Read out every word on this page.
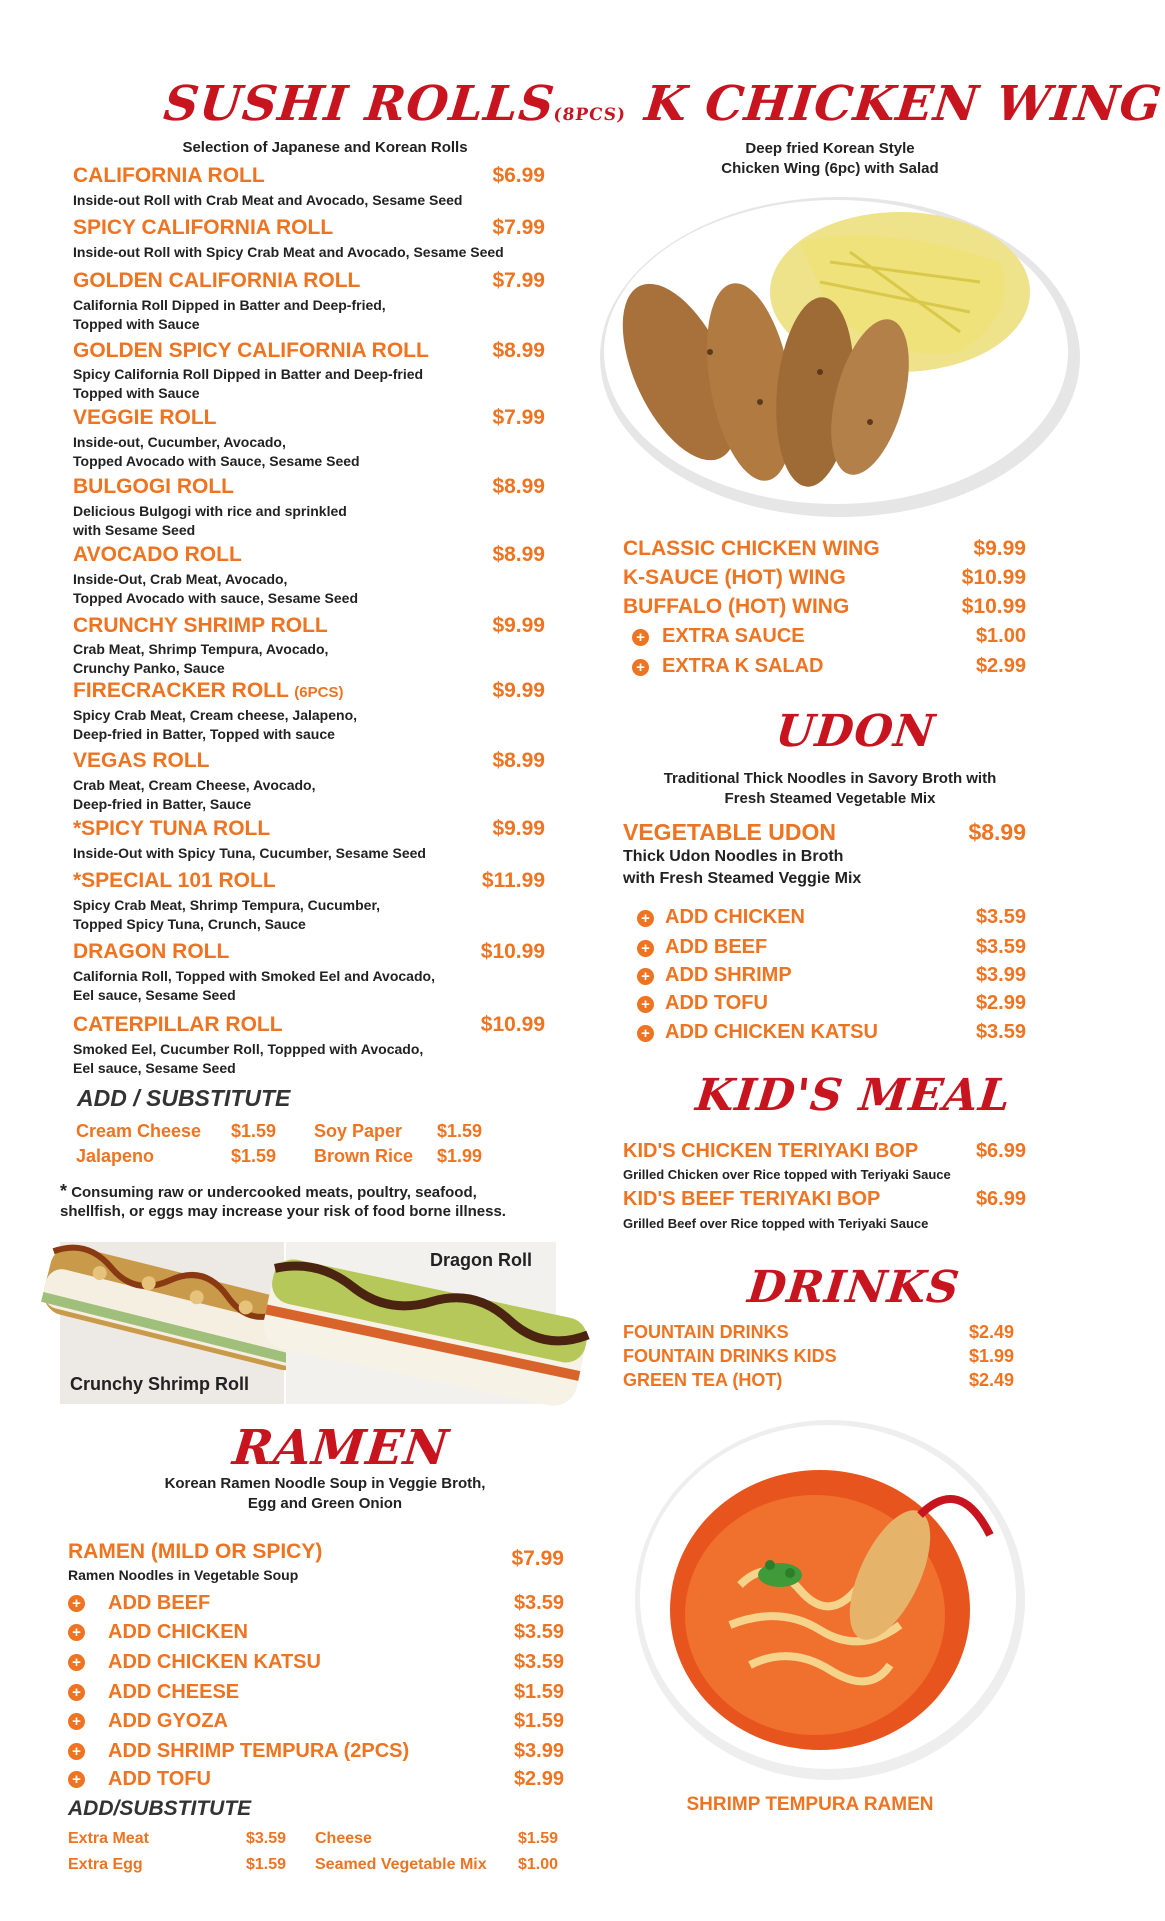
SUSHI ROLLS(8PCS)
Selection of Japanese and Korean Rolls
CALIFORNIA ROLL	$6.99
Inside-out Roll with Crab Meat and Avocado, Sesame Seed
SPICY CALIFORNIA ROLL	$7.99
Inside-out Roll with Spicy Crab Meat and Avocado, Sesame Seed
GOLDEN CALIFORNIA ROLL	$7.99
California Roll Dipped in Batter and Deep-fried,
Topped with Sauce
GOLDEN SPICY CALIFORNIA ROLL	$8.99
Spicy California Roll Dipped in Batter and Deep-fried
Topped with Sauce
VEGGIE ROLL	$7.99
Inside-out, Cucumber, Avocado,
Topped Avocado with Sauce, Sesame Seed
BULGOGI ROLL	$8.99
Delicious Bulgogi with rice and sprinkled
with Sesame Seed
AVOCADO ROLL	$8.99
Inside-Out, Crab Meat, Avocado,
Topped Avocado with sauce, Sesame Seed
CRUNCHY SHRIMP ROLL	$9.99
Crab Meat, Shrimp Tempura, Avocado,
Crunchy Panko, Sauce
FIRECRACKER ROLL (6PCS)	$9.99
Spicy Crab Meat, Cream cheese, Jalapeno,
Deep-fried in Batter, Topped with sauce
VEGAS ROLL	$8.99
Crab Meat, Cream Cheese, Avocado,
Deep-fried in Batter, Sauce
*SPICY TUNA ROLL	$9.99
Inside-Out with Spicy Tuna, Cucumber, Sesame Seed
*SPECIAL 101 ROLL	$11.99
Spicy Crab Meat, Shrimp Tempura, Cucumber,
Topped Spicy Tuna, Crunch, Sauce
DRAGON ROLL	$10.99
California Roll, Topped with Smoked Eel and Avocado,
Eel sauce, Sesame Seed
CATERPILLAR ROLL	$10.99
Smoked Eel, Cucumber Roll, Toppped with Avocado,
Eel sauce, Sesame Seed
ADD / SUBSTITUTE
Cream Cheese $1.59 Soy Paper $1.59
Jalapeno	$1.59 Brown Rice $1.99
* Consuming raw or undercooked meats, poultry, seafood,
shellfish, or eggs may increase your risk of food borne illness.
Crunchy Shrimp Roll
Dragon Roll
RAMEN
Korean Ramen Noodle Soup in Veggie Broth,
Egg and Green Onion
RAMEN (MILD OR SPICY)	$7.99
Ramen Noodles in Vegetable Soup
+ ADD BEEF	$3.59
+ ADD CHICKEN	$3.59
+ ADD CHICKEN KATSU	$3.59
+ ADD CHEESE	$1.59
+ ADD GYOZA	$1.59
+ ADD SHRIMP TEMPURA (2PCS)	$3.99
+ ADD TOFU	$2.99
ADD/SUBSTITUTE
Extra Meat	$3.59 Cheese	$1.59
Extra Egg	$1.59 Seamed Vegetable Mix $1.00
K CHICKEN WING
Deep fried Korean Style
Chicken Wing (6pc) with Salad
CLASSIC CHICKEN WING	$9.99
K-SAUCE (HOT) WING	$10.99
BUFFALO (HOT) WING	$10.99
+ EXTRA SAUCE	$1.00
+ EXTRA K SALAD	$2.99
UDON
Traditional Thick Noodles in Savory Broth with
Fresh Steamed Vegetable Mix
VEGETABLE UDON	$8.99
Thick Udon Noodles in Broth
with Fresh Steamed Veggie Mix
+ ADD CHICKEN	$3.59
+ ADD BEEF	$3.59
+ ADD SHRIMP	$3.99
+ ADD TOFU	$2.99
+ ADD CHICKEN KATSU	$3.59
KID'S MEAL
KID'S CHICKEN TERIYAKI BOP	$6.99
Grilled Chicken over Rice topped with Teriyaki Sauce
KID'S BEEF TERIYAKI BOP	$6.99
Grilled Beef over Rice topped with Teriyaki Sauce
DRINKS
FOUNTAIN DRINKS	$2.49
FOUNTAIN DRINKS KIDS	$1.99
GREEN TEA (HOT)	$2.49
SHRIMP TEMPURA RAMEN
